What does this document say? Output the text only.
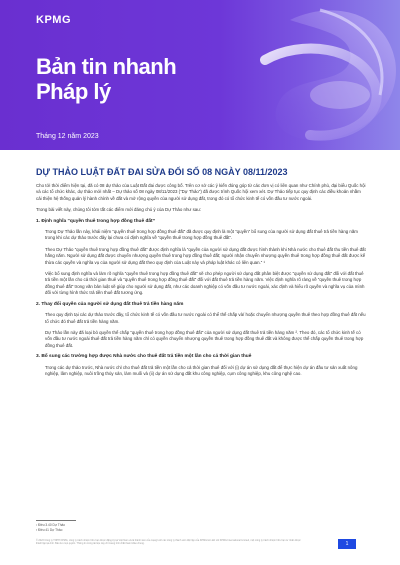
KPMG
Bản tin nhanh
Pháp lý
Tháng 12 năm 2023
DỰ THẢO LUẬT ĐẤT ĐAI SỬA ĐỔI SỐ 08 NGÀY 08/11/2023

Cho tới thời điểm hiện tại, đã có 08 dự thảo của Luật Đất đai được công bố. Trên cơ sở các ý kiến đóng góp từ các đơn vị có liên quan như Chính phủ, đại biểu Quốc hội và các tổ chức khác, dự thảo mới nhất – Dự thảo số 08 ngày 08/11/2023 (“Dự Thảo”) đã được trình Quốc hội xem xét. Dự Thảo tiếp tục quy định các điều khoản nhằm cải thiện hệ thống quản lý hành chính về đất và mở rộng quyền của người sử dụng đất, trong đó có tổ chức kinh tế có vốn đầu tư nước ngoài.

Trong bài viết này, chúng tôi tóm tắt các điểm mới đáng chú ý của Dự Thảo như sau:

1. Định nghĩa “quyền thuê trong hợp đồng thuê đất”

Trong Dự Thảo lần này, khái niệm “quyền thuê trong hợp đồng thuê đất” đã được quy định là một “quyền” bổ sung của người sử dụng đất thuê trả tiền hàng năm trong khi các dự thảo trước đây lại chưa có định nghĩa về “quyền thuê trong hợp đồng thuê đất”.

Theo Dự Thảo “quyền thuê trong hợp đồng thuê đất” được định nghĩa là “quyền của người sử dụng đất được hình thành khi Nhà nước cho thuê đất thu tiền thuê đất hằng năm. Người sử dụng đất được chuyển nhượng quyền thuê trong hợp đồng thuê đất; người nhận chuyển nhượng quyền thuê trong hợp đồng thuê đất được kế thừa các quyền và nghĩa vụ của người sử dụng đất theo quy định của Luật này và pháp luật khác có liên quan.” ¹

Việc bổ sung định nghĩa và làm rõ nghĩa “quyền thuê trong hợp đồng thuê đất” sẽ cho phép người sử dụng đất phân biệt được “quyền sử dụng đất” đối với đất thuê trả tiền một lần cho cả thời gian thuê và “quyền thuê trong hợp đồng thuê đất” đối với đất thuê trả tiền hàng năm. Việc định nghĩa rõ ràng về “quyền thuê trong hợp đồng thuê đất” trong văn bản luật sẽ giúp cho người sử dụng đất, như các doanh nghiệp có vốn đầu tư nước ngoài, xác định và hiểu rõ quyền và nghĩa vụ của mình đối với từng hình thức trả tiền thuê đất tương ứng.

2. Thay đổi quyền của người sử dụng đất thuê trả tiền hàng năm

Theo quy định tại các dự thảo trước đây, tổ chức kinh tế có vốn đầu tư nước ngoài có thể thế chấp và/ hoặc chuyển nhượng quyền thuê theo hợp đồng thuê đất nếu tổ chức đó thuê đất trả tiền hàng năm.

Dự Thảo lần này đã loại bỏ quyền thế chấp “quyền thuê trong hợp đồng thuê đất” của người sử dụng đất thuê trả tiền hàng năm ². Theo đó, các tổ chức kinh tế có vốn đầu tư nước ngoài thuê đất trả tiền hàng năm chỉ có quyền chuyển nhượng quyền thuê trong hợp đồng thuê đất và không được thế chấp quyền thuê trong hợp đồng thuê đất.

3. Bổ sung các trường hợp được Nhà nước cho thuê đất trả tiền một lần cho cả thời gian thuê

Trong các dự thảo trước, Nhà nước chỉ cho thuê đất trả tiền một lần cho cả thời gian thuê đối với (i) dự án sử dụng đất để thực hiện dự án đầu tư sản xuất nông nghiệp, lâm nghiệp, nuôi trồng thủy sản, làm muối và (ii) dự án sử dụng đất khu công nghiệp, cụm công nghiệp, khu công nghệ cao.

¹ Điều 3.40 Dự Thảo
² Điều 41 Dự Thảo
© 2023 Công ty TNHH KPMG, công ty trách nhiệm hữu hạn được đăng ký tại Việt Nam và là thành viên của mạng lưới các công ty thành viên độc lập của KPMG liên kết với KPMG International Limited, một công ty trách nhiệm hữu hạn tư nhân được thành lập tại Anh. Bảo lưu mọi quyền. Thông tin trong tài liệu này chỉ mang tính chất tham khảo chung.	1
